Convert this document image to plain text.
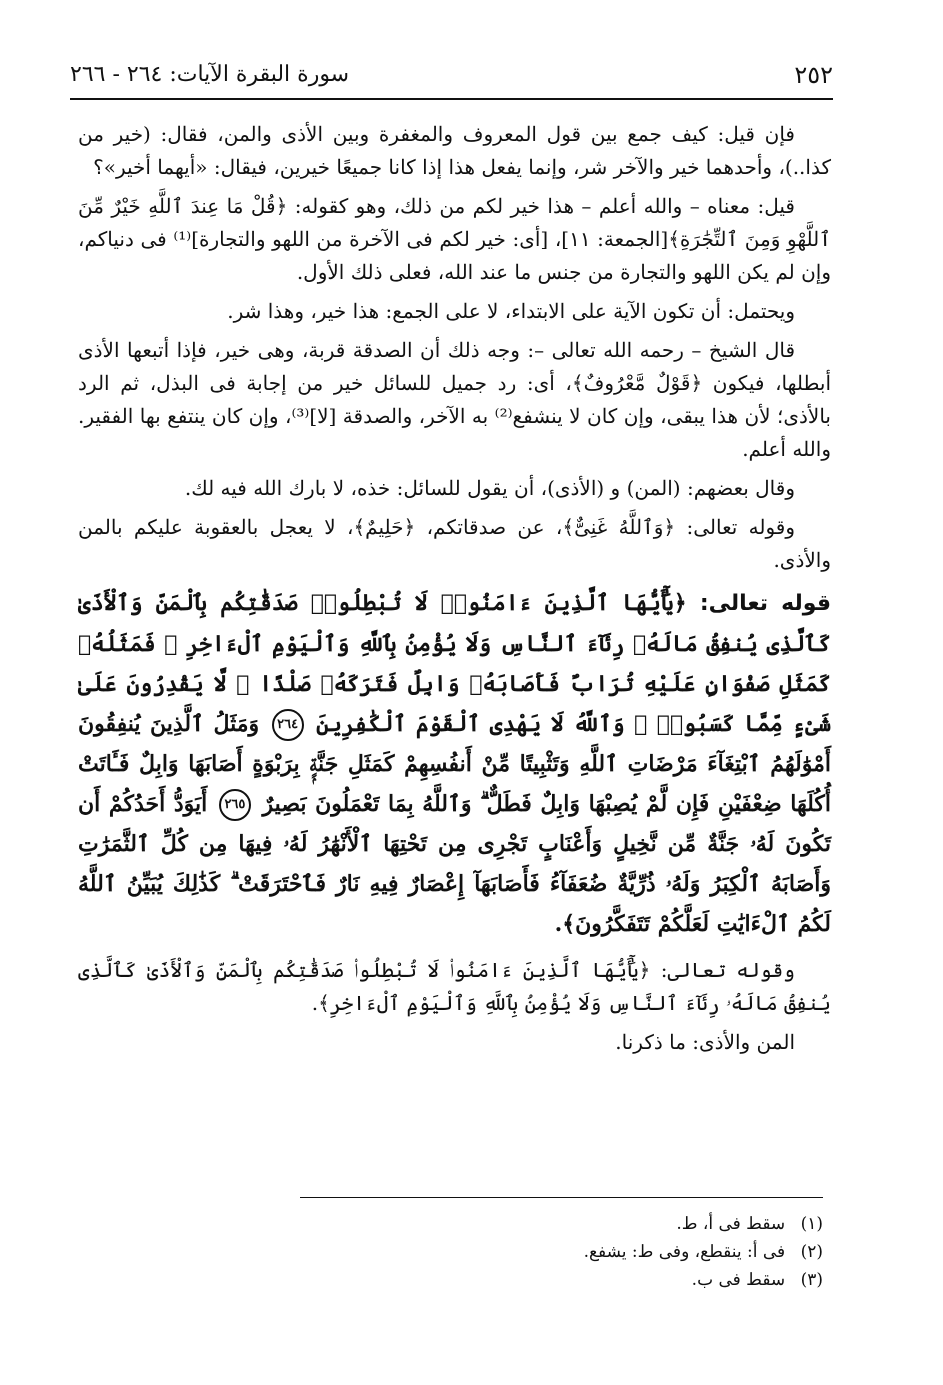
٢٥٢
سورة البقرة الآيات: ٢٦٤ - ٢٦٦

فإن قيل: كيف جمع بين قول المعروف والمغفرة وبين الأذى والمن، فقال: (خير من كذا..)، وأحدهما خير والآخر شر، وإنما يفعل هذا إذا كانا جميعًا خيرين، فيقال: «أيهما أخير»؟

قيل: معناه – والله أعلم – هذا خير لكم من ذلك، وهو كقوله: ﴿قُلْ مَا عِندَ ٱللَّهِ خَيْرٌ مِّنَ ٱللَّهْوِ وَمِنَ ٱلتِّجَٰرَةِ﴾[الجمعة: ١١]، [أى: خير لكم فى الآخرة من اللهو والتجارة]⁽¹⁾ فى دنياكم، وإن لم يكن اللهو والتجارة من جنس ما عند الله، فعلى ذلك الأول.

ويحتمل: أن تكون الآية على الابتداء، لا على الجمع: هذا خير، وهذا شر.

قال الشيخ – رحمه الله تعالى –: وجه ذلك أن الصدقة قربة، وهى خير، فإذا أتبعها الأذى أبطلها، فيكون ﴿قَوْلٌ مَّعْرُوفٌ﴾، أى: رد جميل للسائل خير من إجابة فى البذل، ثم الرد بالأذى؛ لأن هذا يبقى، وإن كان لا ينشفع⁽²⁾ به الآخر، والصدقة [لا]⁽³⁾، وإن كان ينتفع بها الفقير. والله أعلم.

وقال بعضهم: (المن) و (الأذى)، أن يقول للسائل: خذه، لا بارك الله فيه لك.

وقوله تعالى: ﴿وَٱللَّهُ غَنِىٌّ﴾، عن صدقاتكم، ﴿حَلِيمٌ﴾، لا يعجل بالعقوبة عليكم بالمن والأذى.

قوله تعالى: ﴿يَٰٓأَيُّهَا ٱلَّذِينَ ءَامَنُوا۟ لَا تُبْطِلُوا۟ صَدَقَٰتِكُم بِٱلْمَنِّ وَٱلْأَذَىٰ كَٱلَّذِى يُنفِقُ مَالَهُۥ رِئَآءَ ٱلنَّاسِ وَلَا يُؤْمِنُ بِٱللَّهِ وَٱلْيَوْمِ ٱلْءَاخِرِ ۖ فَمَثَلُهُۥ كَمَثَلِ صَفْوَانٍ عَلَيْهِ تُرَابٌ فَأَصَابَهُۥ وَابِلٌ فَتَرَكَهُۥ صَلْدًا ۖ لَّا يَقْدِرُونَ عَلَىٰ شَىْءٍ مِّمَّا كَسَبُوا۟ ۗ وَٱللَّهُ لَا يَهْدِى ٱلْقَوْمَ ٱلْكَٰفِرِينَ ٢٦٤ وَمَثَلُ ٱلَّذِينَ يُنفِقُونَ أَمْوَٰلَهُمُ ٱبْتِغَآءَ مَرْضَاتِ ٱللَّهِ وَتَثْبِيتًا مِّنْ أَنفُسِهِمْ كَمَثَلِ جَنَّةٍۭ بِرَبْوَةٍ أَصَابَهَا وَابِلٌ فَـَٔاتَتْ أُكُلَهَا ضِعْفَيْنِ فَإِن لَّمْ يُصِبْهَا وَابِلٌ فَطَلٌّ ۗ وَٱللَّهُ بِمَا تَعْمَلُونَ بَصِيرٌ ٢٦٥ أَيَوَدُّ أَحَدُكُمْ أَن تَكُونَ لَهُۥ جَنَّةٌ مِّن نَّخِيلٍ وَأَعْنَابٍ تَجْرِى مِن تَحْتِهَا ٱلْأَنْهَٰرُ لَهُۥ فِيهَا مِن كُلِّ ٱلثَّمَرَٰتِ وَأَصَابَهُ ٱلْكِبَرُ وَلَهُۥ ذُرِّيَّةٌ ضُعَفَآءُ فَأَصَابَهَآ إِعْصَارٌ فِيهِ نَارٌ فَٱحْتَرَقَتْ ۗ كَذَٰلِكَ يُبَيِّنُ ٱللَّهُ لَكُمُ ٱلْءَايَٰتِ لَعَلَّكُمْ تَتَفَكَّرُونَ﴾.

وقوله تعالى: ﴿يَٰٓأَيُّهَا ٱلَّذِينَ ءَامَنُوا۟ لَا تُبْطِلُوا۟ صَدَقَٰتِكُم بِٱلْمَنِّ وَٱلْأَذَىٰ كَٱلَّذِى يُنفِقُ مَالَهُۥ رِئَآءَ ٱلنَّاسِ وَلَا يُؤْمِنُ بِٱللَّهِ وَٱلْيَوْمِ ٱلْءَاخِرِ﴾.

المن والأذى: ما ذكرنا.

(١) سقط فى أ، ط.

(٢) فى أ: ينقطع، وفى ط: يشفع.

(٣) سقط فى ب.
